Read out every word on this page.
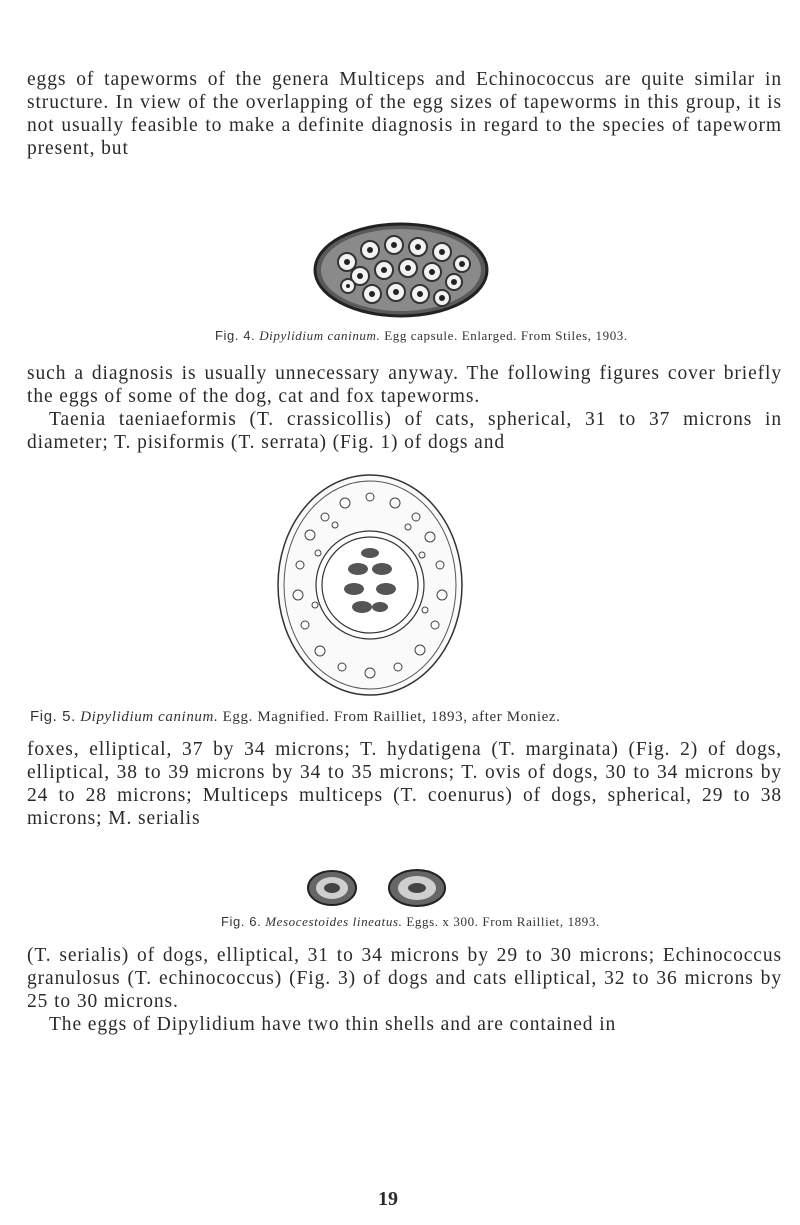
eggs of tapeworms of the genera Multiceps and Echinococcus are quite similar in structure. In view of the overlapping of the egg sizes of tapeworms in this group, it is not usually feasible to make a definite diagnosis in regard to the species of tapeworm present, but

Fig. 4. Dipylidium caninum. Egg capsule. Enlarged. From Stiles, 1903.

such a diagnosis is usually unnecessary anyway. The following figures cover briefly the eggs of some of the dog, cat and fox tapeworms.

Taenia taeniaeformis (T. crassicollis) of cats, spherical, 31 to 37 microns in diameter; T. pisiformis (T. serrata) (Fig. 1) of dogs and

Fig. 5. Dipylidium caninum. Egg. Magnified. From Railliet, 1893, after Moniez.

foxes, elliptical, 37 by 34 microns; T. hydatigena (T. marginata) (Fig. 2) of dogs, elliptical, 38 to 39 microns by 34 to 35 microns; T. ovis of dogs, 30 to 34 microns by 24 to 28 microns; Multiceps multiceps (T. coenurus) of dogs, spherical, 29 to 38 microns; M. serialis

Fig. 6. Mesocestoides lineatus. Eggs. x 300. From Railliet, 1893.

(T. serialis) of dogs, elliptical, 31 to 34 microns by 29 to 30 microns; Echinococcus granulosus (T. echinococcus) (Fig. 3) of dogs and cats elliptical, 32 to 36 microns by 25 to 30 microns.

The eggs of Dipylidium have two thin shells and are contained in

19
